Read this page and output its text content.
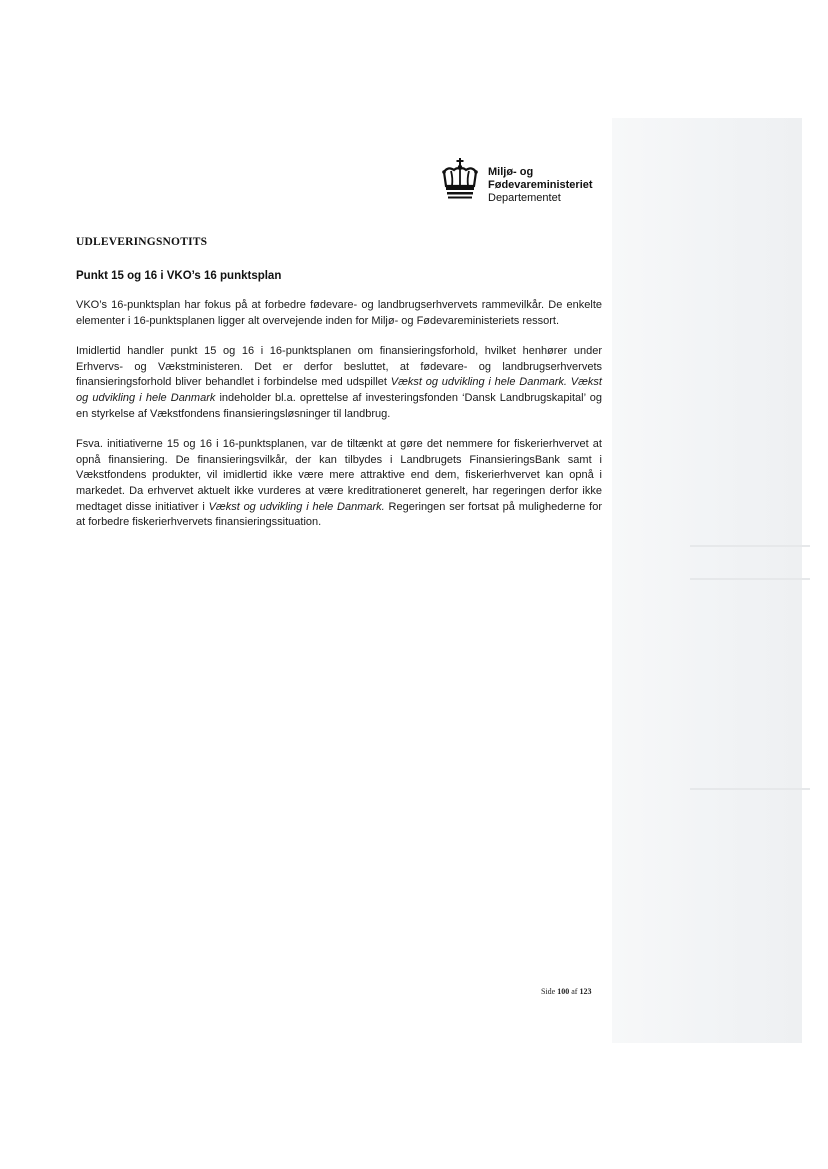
Miljø- og
Fødevareministeriet
Departementet
UDLEVERINGSNOTITS
Punkt 15 og 16 i VKO’s 16 punktsplan

VKO’s 16-punktsplan har fokus på at forbedre fødevare- og landbrugserhvervets rammevilkår. De enkelte elementer i 16-punktsplanen ligger alt overvejende inden for Miljø- og Fødevareministeriets ressort.

Imidlertid handler punkt 15 og 16 i 16-punktsplanen om finansieringsforhold, hvilket henhører under Erhvervs- og Vækstministeren. Det er derfor besluttet, at fødevare- og landbrugserhvervets finansieringsforhold bliver behandlet i forbindelse med udspillet Vækst og udvikling i hele Danmark. Vækst og udvikling i hele Danmark indeholder bl.a. oprettelse af investeringsfonden ‘Dansk Landbrugskapital’ og en styrkelse af Vækstfondens finansieringsløsninger til landbrug.

Fsva. initiativerne 15 og 16 i 16-punktsplanen, var de tiltænkt at gøre det nemmere for fiskerierhvervet at opnå finansiering. De finansieringsvilkår, der kan tilbydes i Landbrugets FinansieringsBank samt i Vækstfondens produkter, vil imidlertid ikke være mere attraktive end dem, fiskerierhvervet kan opnå i markedet. Da erhvervet aktuelt ikke vurderes at være kreditrationeret generelt, har regeringen derfor ikke medtaget disse initiativer i Vækst og udvikling i hele Danmark. Regeringen ser fortsat på mulighederne for at forbedre fiskerierhvervets finansieringssituation.

Side 100 af 123
